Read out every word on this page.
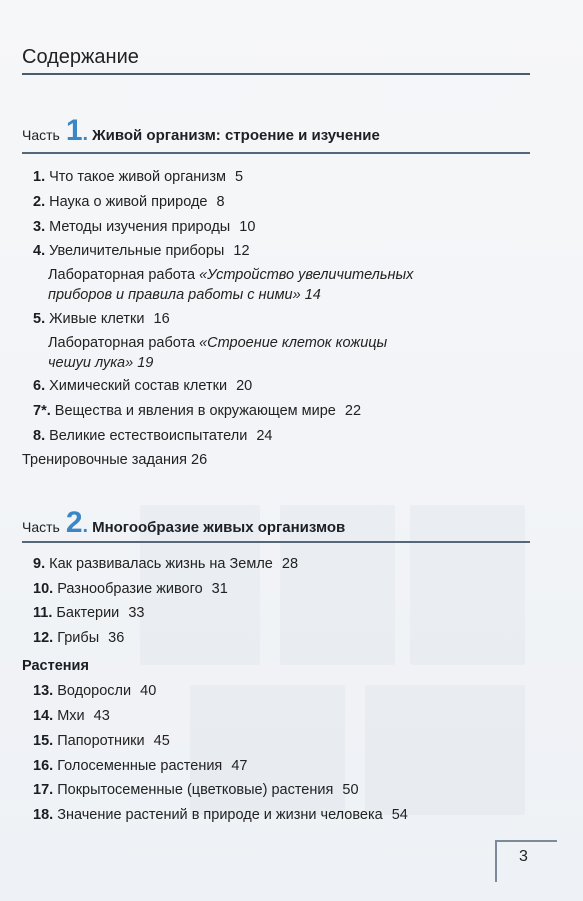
Содержание
Часть 1 . Живой организм: строение и изучение
1. Что такое живой организм 5
2. Наука о живой природе 8
3. Методы изучения природы 10
4. Увеличительные приборы 12
Лабораторная работа «Устройство увеличительных
приборов и правила работы с ними» 14
5. Живые клетки 16
Лабораторная работа «Строение клеток кожицы
чешуи лука» 19
6. Химический состав клетки 20
7*. Вещества и явления в окружающем мире 22
8. Великие естествоиспытатели 24
Тренировочные задания 26
Часть 2 . Многообразие живых организмов
9. Как развивалась жизнь на Земле 28
10. Разнообразие живого 31
11. Бактерии 33
12. Грибы 36
Растения
13. Водоросли 40
14. Мхи 43
15. Папоротники 45
16. Голосеменные растения 47
17. Покрытосеменные (цветковые) растения 50
18. Значение растений в природе и жизни человека 54
3
